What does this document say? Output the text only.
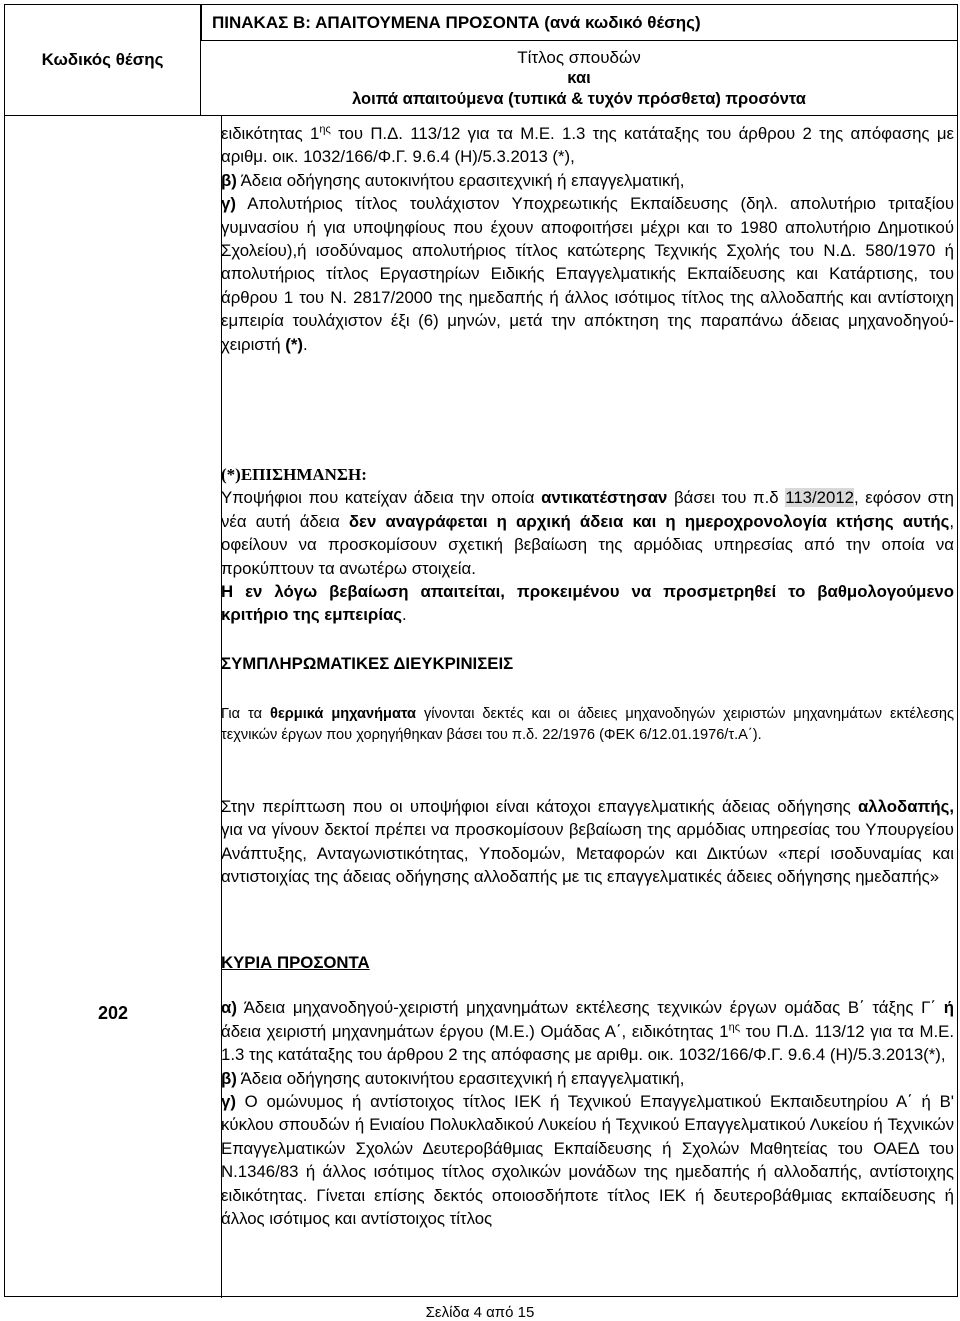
ΠΙΝΑΚΑΣ Β: ΑΠΑΙΤΟΥΜΕΝΑ ΠΡΟΣΟΝΤΑ (ανά κωδικό θέσης)
Κωδικός θέσης	Τίτλος σπουδών
και
λοιπά απαιτούμενα (τυπικά & τυχόν πρόσθετα) προσόντα
202

ειδικότητας $1^{\eta\varsigma}$ του Π.Δ. 113/12 για τα Μ.Ε. 1.3 της κατάταξης του άρθρου 2 της απόφασης με αριθμ. οικ. 1032/166/Φ.Γ. 9.6.4 (Η)/5.3.2013 (*),

β) Άδεια οδήγησης αυτοκινήτου ερασιτεχνική ή επαγγελματική,

γ) Απολυτήριος τίτλος τουλάχιστον Υποχρεωτικής Εκπαίδευσης (δηλ. απολυτήριο τριταξίου γυμνασίου ή για υποψηφίους που έχουν αποφοιτήσει μέχρι και το 1980 απολυτήριο Δημοτικού Σχολείου),ή ισοδύναμος απολυτήριος τίτλος κατώτερης Τεχνικής Σχολής του Ν.Δ. 580/1970 ή απολυτήριος τίτλος Εργαστηρίων Ειδικής Επαγγελματικής Εκπαίδευσης και Κατάρτισης, του άρθρου 1 του Ν. 2817/2000 της ημεδαπής ή άλλος ισότιμος τίτλος της αλλοδαπής και αντίστοιχη εμπειρία τουλάχιστον έξι (6) μηνών, μετά την απόκτηση της παραπάνω άδειας μηχανοδηγού-χειριστή (*).

(*)ΕΠΙΣΗΜΑΝΣΗ:

Υποψήφιοι που κατείχαν άδεια την οποία αντικατέστησαν βάσει του π.δ 113/2012, εφόσον στη νέα αυτή άδεια δεν αναγράφεται η αρχική άδεια και η ημεροχρονολογία κτήσης αυτής, οφείλουν να προσκομίσουν σχετική βεβαίωση της αρμόδιας υπηρεσίας από την οποία να προκύπτουν τα ανωτέρω στοιχεία.

Η εν λόγω βεβαίωση απαιτείται, προκειμένου να προσμετρηθεί το βαθμολογούμενο κριτήριο της εμπειρίας.

ΣΥΜΠΛΗΡΩΜΑΤΙΚΕΣ ΔΙΕΥΚΡΙΝΙΣΕΙΣ

Για τα θερμικά μηχανήματα γίνονται δεκτές και οι άδειες μηχανοδηγών χειριστών μηχανημάτων εκτέλεσης τεχνικών έργων που χορηγήθηκαν βάσει του π.δ. 22/1976 (ΦΕΚ 6/12.01.1976/τ.Α΄).

Στην περίπτωση που οι υποψήφιοι είναι κάτοχοι επαγγελματικής άδειας οδήγησης αλλοδαπής, για να γίνουν δεκτοί πρέπει να προσκομίσουν βεβαίωση της αρμόδιας υπηρεσίας του Υπουργείου Ανάπτυξης, Ανταγωνιστικότητας, Υποδομών, Μεταφορών και Δικτύων «περί ισοδυναμίας και αντιστοιχίας της άδειας οδήγησης αλλοδαπής με τις επαγγελματικές άδειες οδήγησης ημεδαπής»

ΚΥΡΙΑ ΠΡΟΣΟΝΤΑ

α) Άδεια μηχανοδηγού-χειριστή μηχανημάτων εκτέλεσης τεχνικών έργων ομάδας Β΄ τάξης Γ΄ ή άδεια χειριστή μηχανημάτων έργου (Μ.Ε.) Ομάδας Α΄, ειδικότητας $1^{\eta\varsigma}$ του Π.Δ. 113/12 για τα Μ.Ε. 1.3 της κατάταξης του άρθρου 2 της απόφασης με αριθμ. οικ. 1032/166/Φ.Γ. 9.6.4 (Η)/5.3.2013(*),

β) Άδεια οδήγησης αυτοκινήτου ερασιτεχνική ή επαγγελματική,

γ) Ο ομώνυμος ή αντίστοιχος τίτλος ΙΕΚ ή Τεχνικού Επαγγελματικού Εκπαιδευτηρίου Α΄ ή Β' κύκλου σπουδών ή Ενιαίου Πολυκλαδικού Λυκείου ή Τεχνικού Επαγγελματικού Λυκείου ή Τεχνικών Επαγγελματικών Σχολών Δευτεροβάθμιας Εκπαίδευσης ή Σχολών Μαθητείας του ΟΑΕΔ του Ν.1346/83 ή άλλος ισότιμος τίτλος σχολικών μονάδων της ημεδαπής ή αλλοδαπής, αντίστοιχης ειδικότητας. Γίνεται επίσης δεκτός οποιοσδήποτε τίτλος ΙΕΚ ή δευτεροβάθμιας εκπαίδευσης ή άλλος ισότιμος και αντίστοιχος τίτλος

Σελίδα 4 από 15
